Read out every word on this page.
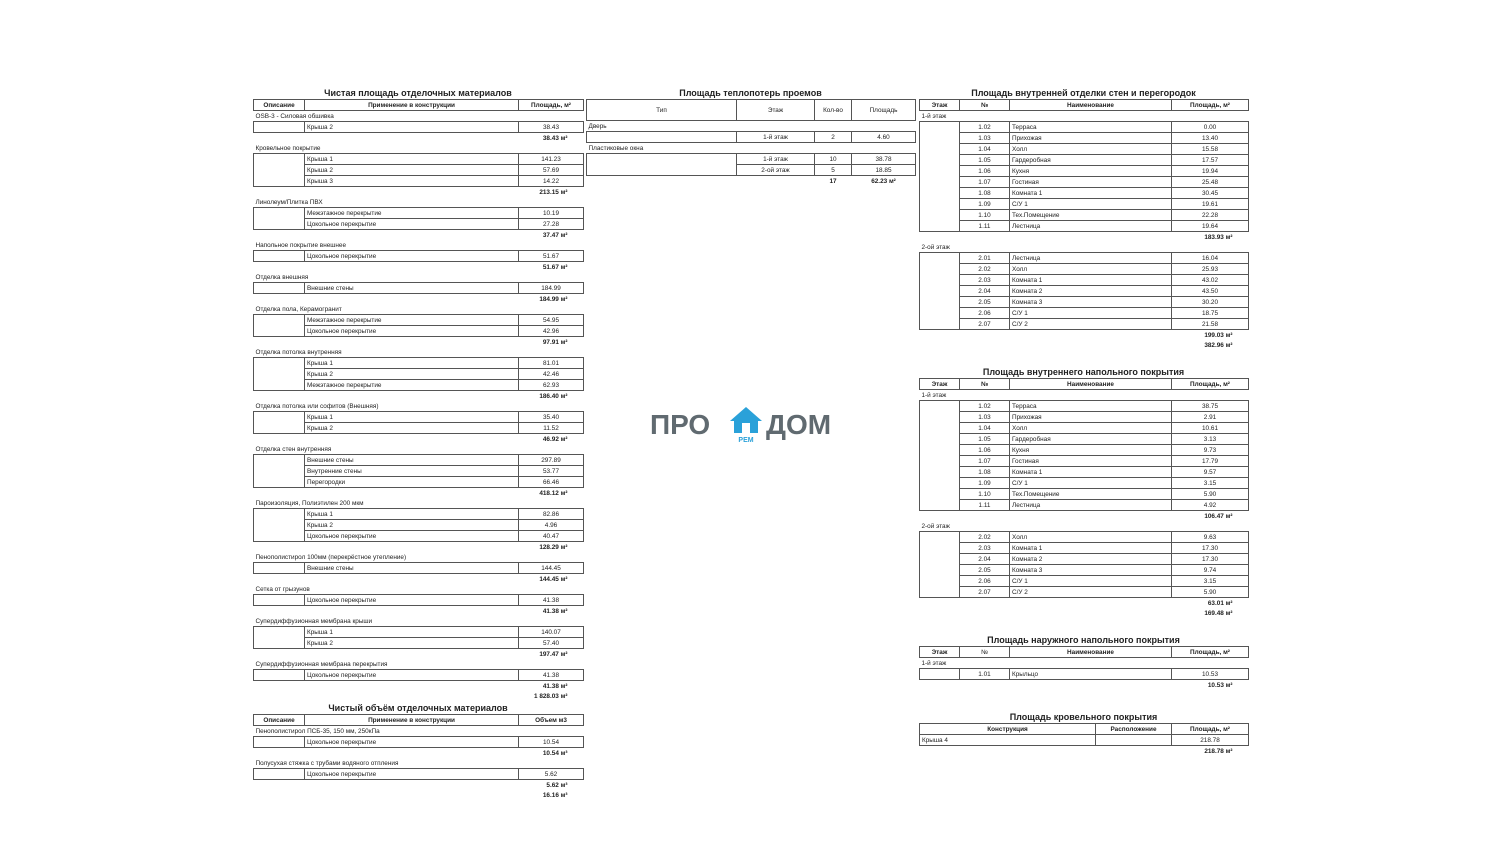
Чистая площадь отделочных материалов
Описание	Применение в конструкции	Площадь, м²
OSB-3 - Силовая обшивка		
	Крыша 2	38.43
		38.43 м²
Кровельное покрытие		
	Крыша 1	141.23
	Крыша 2	57.69
	Крыша 3	14.22
		213.15 м²
Линолеум/Плитка ПВХ		
	Межэтажное перекрытие	10.19
	Цокольное перекрытие	27.28
		37.47 м²
Напольное покрытие внешнее		
	Цокольное перекрытие	51.67
		51.67 м²
Отделка внешняя		
	Внешние стены	184.99
		184.99 м²
Отделка пола, Керамогранит		
	Межэтажное перекрытие	54.95
	Цокольное перекрытие	42.96
		97.91 м²
Отделка потолка внутренняя		
	Крыша 1	81.01
	Крыша 2	42.46
	Межэтажное перекрытие	62.93
		186.40 м²
Отделка потолка или софитов (Внешняя)		
	Крыша 1	35.40
	Крыша 2	11.52
		46.92 м²
Отделка стен внутренняя		
	Внешние стены	297.89
	Внутренние стены	53.77
	Перегородки	66.46
		418.12 м²
Пароизоляция, Полиэтилен 200 мкм		
	Крыша 1	82.86
	Крыша 2	4.96
	Цокольное перекрытие	40.47
		128.29 м²
Пенополистирол 100мм (перекрёстное утепление)		
	Внешние стены	144.45
		144.45 м²
Сетка от грызунов		
	Цокольное перекрытие	41.38
		41.38 м²
Супердиффузионная мембрана крыши		
	Крыша 1	140.07
	Крыша 2	57.40
		197.47 м²
Супердиффузионная мембрана перекрытия		
	Цокольное перекрытие	41.38
		41.38 м²
		1 828.03 м²
Чистый объём отделочных материалов
Описание	Применение в конструкции	Объем м3
Пенополистирол ПСБ-35, 150 мм, 250кПа		
	Цокольное перекрытие	10.54
		10.54 м³
Полусухая стяжка с трубами водяного отпления		
	Цокольное перекрытие	5.62
		5.62 м³
		16.16 м³
Площадь теплопотерь проемов
Тип	Этаж	Кол-во	Площадь
Дверь			
	1-й этаж	2	4.60
Пластиковые окна			
	1-й этаж	10	38.78
	2-ой этаж	5	18.85
		17	62.23 м²
Площадь внутренней отделки стен и перегородок
Этаж	№	Наименование	Площадь, м²
1-й этаж			
	1.02	Терраса	0.00
	1.03	Прихожая	13.40
	1.04	Холл	15.58
	1.05	Гардеробная	17.57
	1.06	Кухня	19.94
	1.07	Гостиная	25.48
	1.08	Комната 1	30.45
	1.09	С/У 1	19.61
	1.10	Тех.Помещение	22.28
	1.11	Лестница	19.64
			183.93 м²
2-ой этаж			
	2.01	Лестница	16.04
	2.02	Холл	25.93
	2.03	Комната 1	43.02
	2.04	Комната 2	43.50
	2.05	Комната 3	30.20
	2.06	С/У 1	18.75
	2.07	С/У 2	21.58
			199.03 м²
			382.96 м²
Площадь внутреннего напольного покрытия
Этаж	№	Наименование	Площадь, м²
1-й этаж			
	1.02	Терраса	38.75
	1.03	Прихожая	2.91
	1.04	Холл	10.61
	1.05	Гардеробная	3.13
	1.06	Кухня	9.73
	1.07	Гостиная	17.79
	1.08	Комната 1	9.57
	1.09	С/У 1	3.15
	1.10	Тех.Помещение	5.90
	1.11	Лестница	4.92
			106.47 м²
2-ой этаж			
	2.02	Холл	9.63
	2.03	Комната 1	17.30
	2.04	Комната 2	17.30
	2.05	Комната 3	9.74
	2.06	С/У 1	3.15
	2.07	С/У 2	5.90
			63.01 м²
			169.48 м²
Площадь наружного напольного покрытия
Этаж	№	Наименование	Площадь, м²
1-й этаж			
	1.01	Крыльцо	10.53
			10.53 м²
Площадь кровельного покрытия
Конструкция	Расположение	Площадь, м²
Крыша 4		218.78
		218.78 м²
ПРО
РЕМ
ДОМ
